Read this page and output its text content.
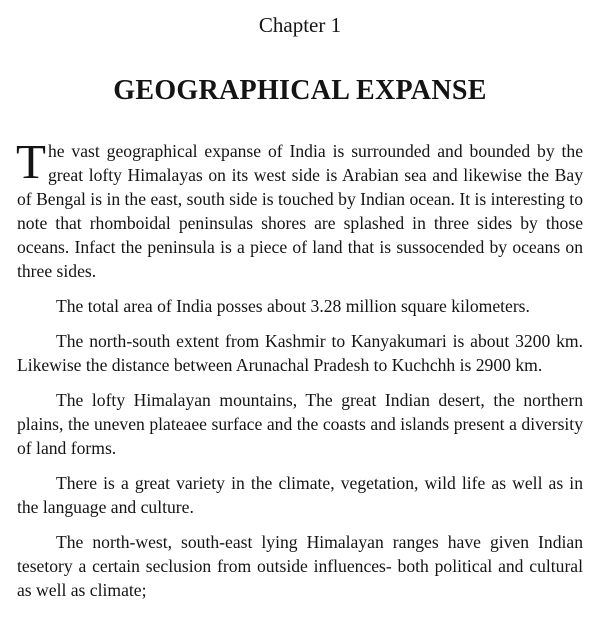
Chapter 1
GEOGRAPHICAL EXPANSE

The vast geographical expanse of India is surrounded and bounded by the great lofty Himalayas on its west side is Arabian sea and likewise the Bay of Bengal is in the east, south side is touched by Indian ocean. It is interesting to note that rhomboidal peninsulas shores are splashed in three sides by those oceans. Infact the peninsula is a piece of land that is sussocended by oceans on three sides.

The total area of India posses about 3.28 million square kilometers.

The north-south extent from Kashmir to Kanyakumari is about 3200 km. Likewise the distance between Arunachal Pradesh to Kuchchh is 2900 km.

The lofty Himalayan mountains, The great Indian desert, the northern plains, the uneven plateaee surface and the coasts and islands present a diversity of land forms.

There is a great variety in the climate, vegetation, wild life as well as in the language and culture.

The north-west, south-east lying Himalayan ranges have given Indian tesetory a certain seclusion from outside influences- both political and cultural as well as climate;
